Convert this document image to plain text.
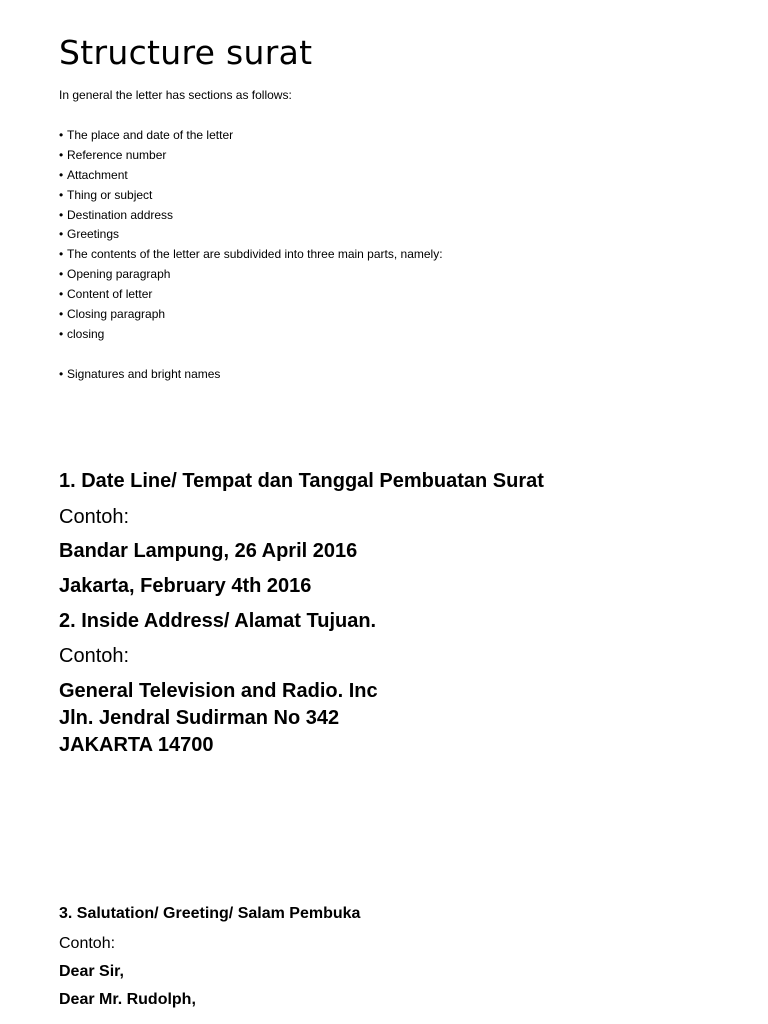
Structure surat

In general the letter has sections as follows:

• The place and date of the letter
• Reference number
• Attachment
• Thing or subject
• Destination address
• Greetings
• The contents of the letter are subdivided into three main parts, namely:
• Opening paragraph
• Content of letter
• Closing paragraph
• closing
• Signatures and bright names

1. Date Line/ Tempat dan Tanggal Pembuatan Surat

Contoh:

Bandar Lampung, 26 April 2016

Jakarta, February 4th 2016

2. Inside Address/ Alamat Tujuan.

Contoh:

General Television and Radio. Inc

Jln. Jendral Sudirman No 342

JAKARTA 14700

3. Salutation/ Greeting/ Salam Pembuka

Contoh:

Dear Sir,

Dear Mr. Rudolph,
